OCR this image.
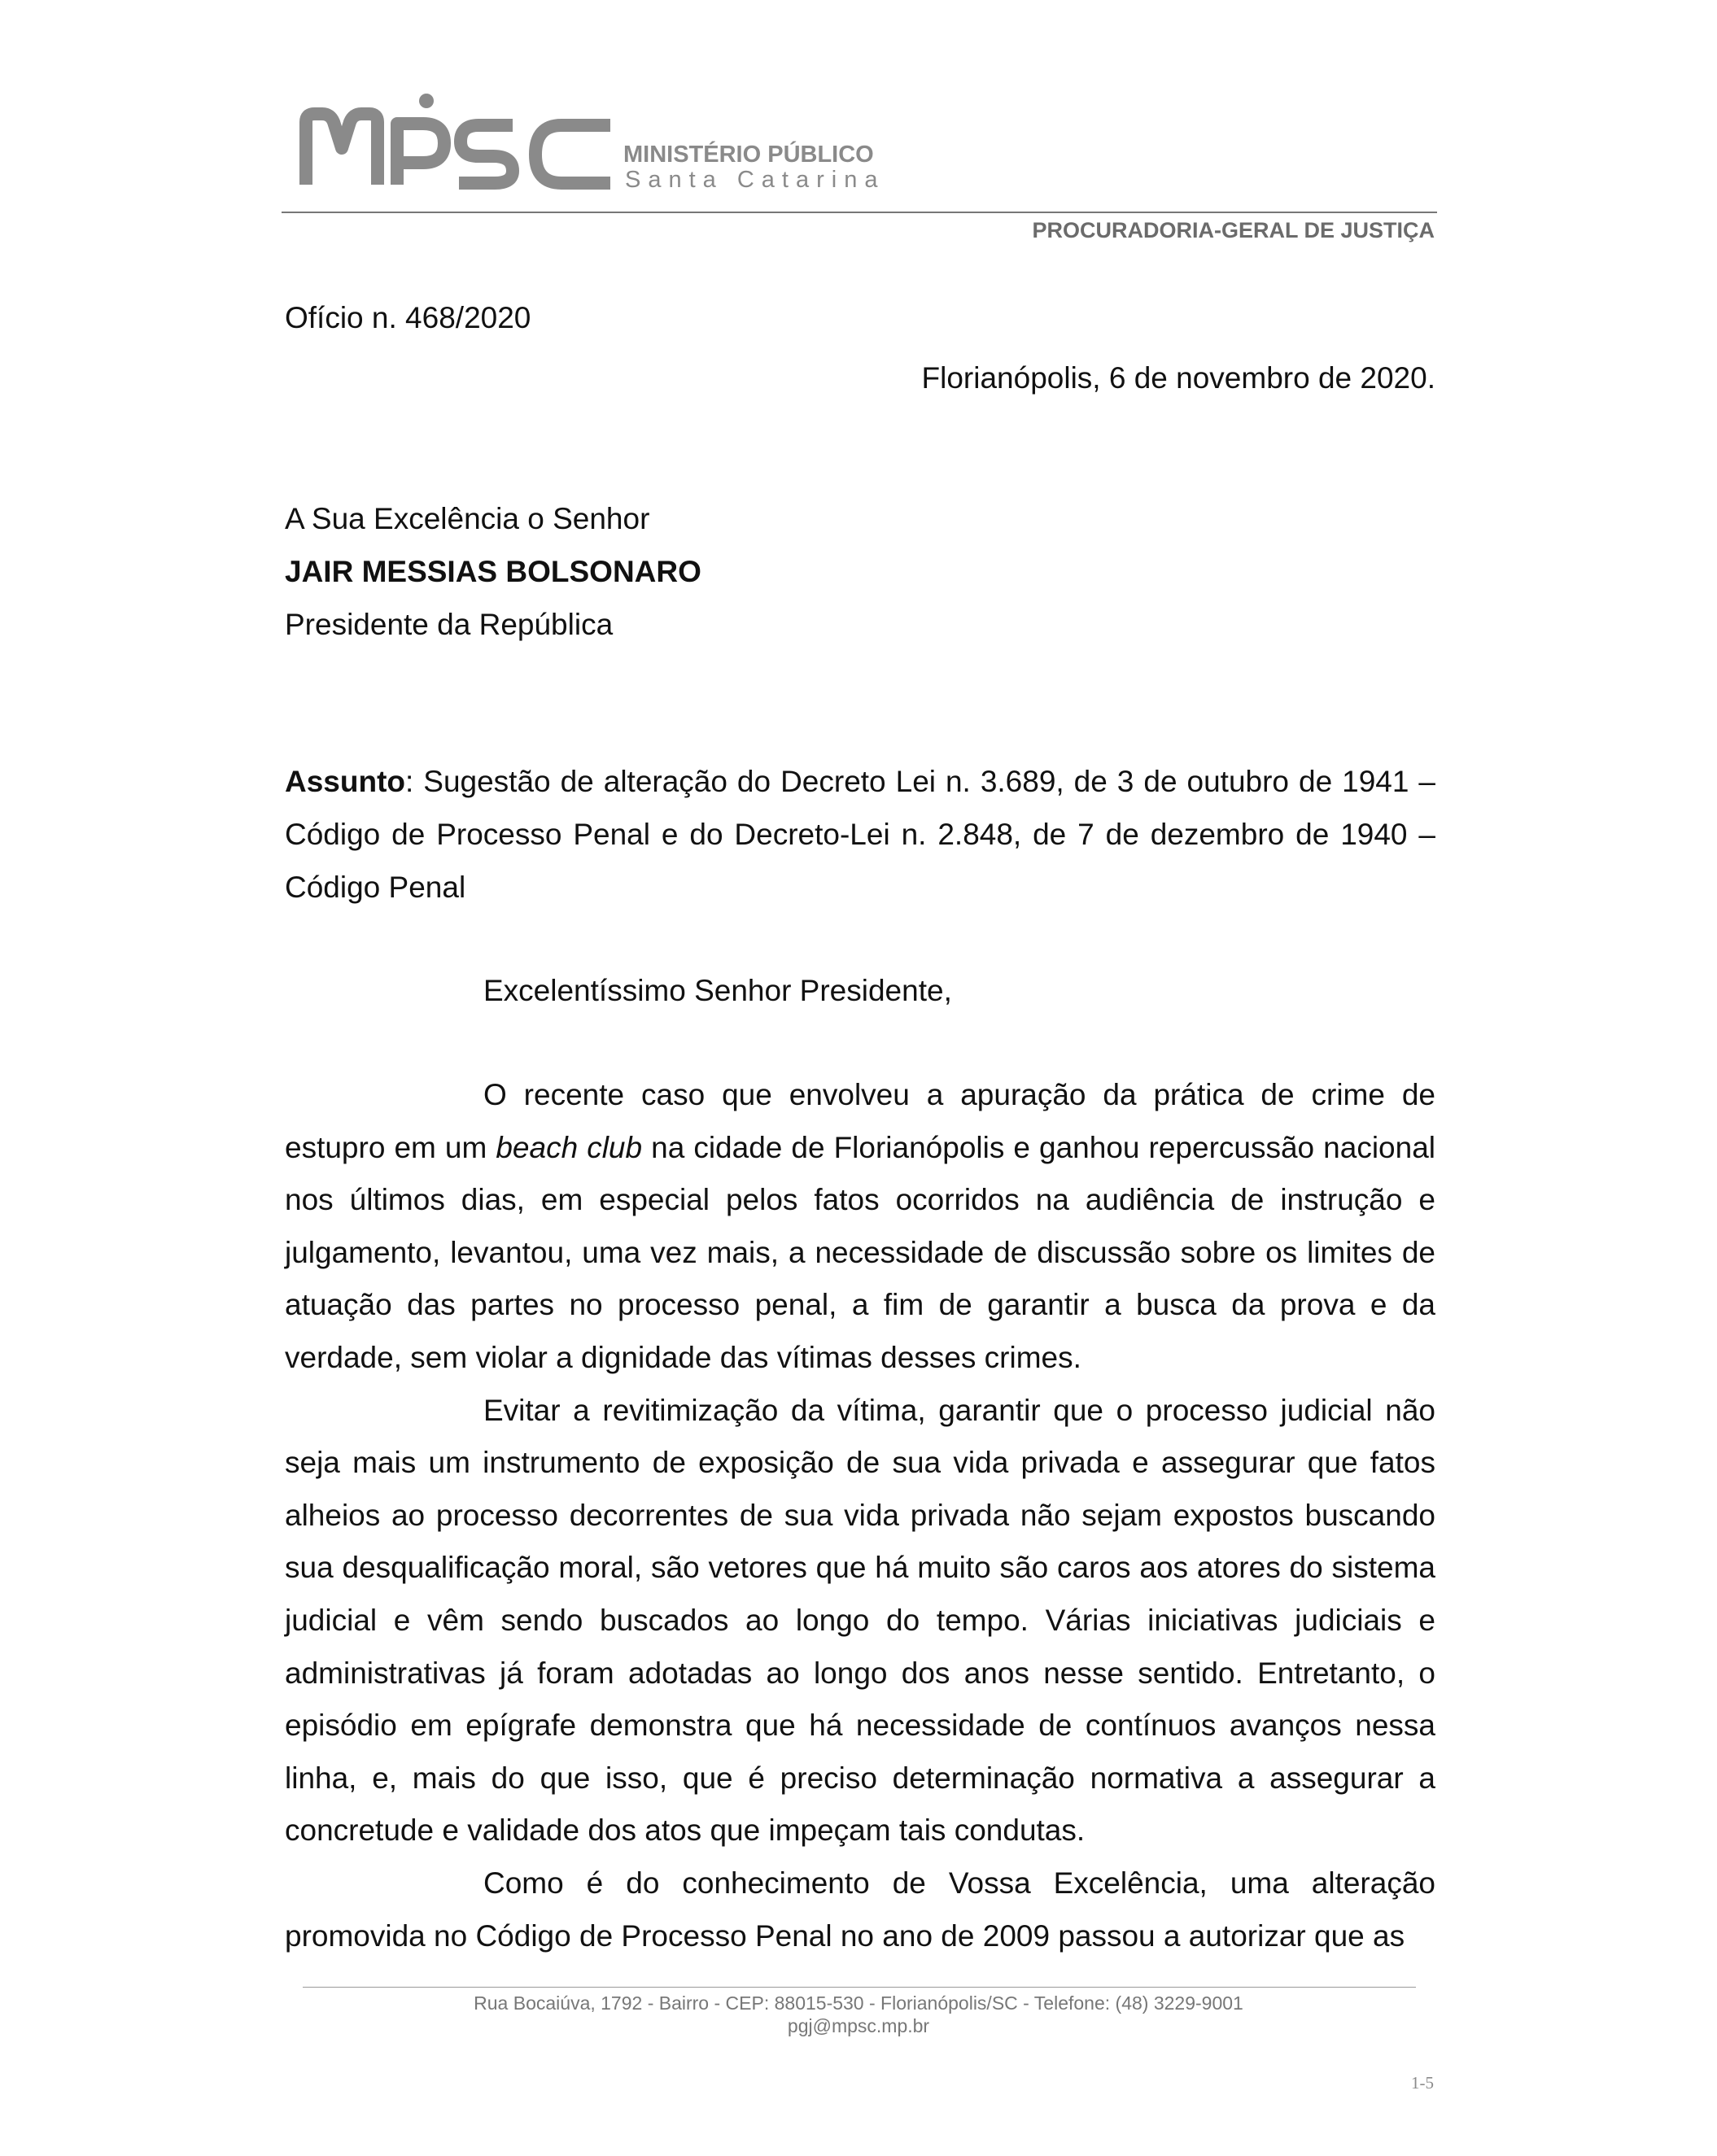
MINISTÉRIO PÚBLICO
Santa Catarina
PROCURADORIA-GERAL DE JUSTIÇA
Ofício n. 468/2020
Florianópolis, 6 de novembro de 2020.
A Sua Excelência o Senhor
JAIR MESSIAS BOLSONARO
Presidente da República
Assunto: Sugestão de alteração do Decreto Lei n. 3.689, de 3 de outubro de 1941 – Código de Processo Penal e do Decreto-Lei n. 2.848, de 7 de dezembro de 1940 – Código Penal
Excelentíssimo Senhor Presidente,

O recente caso que envolveu a apuração da prática de crime de estupro em um beach club na cidade de Florianópolis e ganhou repercussão nacional nos últimos dias, em especial pelos fatos ocorridos na audiência de instrução e julgamento, levantou, uma vez mais, a necessidade de discussão sobre os limites de atuação das partes no processo penal, a fim de garantir a busca da prova e da verdade, sem violar a dignidade das vítimas desses crimes.

Evitar a revitimização da vítima, garantir que o processo judicial não seja mais um instrumento de exposição de sua vida privada e assegurar que fatos alheios ao processo decorrentes de sua vida privada não sejam expostos buscando sua desqualificação moral, são vetores que há muito são caros aos atores do sistema judicial e vêm sendo buscados ao longo do tempo. Várias iniciativas judiciais e administrativas já foram adotadas ao longo dos anos nesse sentido. Entretanto, o episódio em epígrafe demonstra que há necessidade de contínuos avanços nessa linha, e, mais do que isso, que é preciso determinação normativa a assegurar a concretude e validade dos atos que impeçam tais condutas.

Como é do conhecimento de Vossa Excelência, uma alteração promovida no Código de Processo Penal no ano de 2009 passou a autorizar que as

Rua Bocaiúva, 1792 - Bairro - CEP: 88015-530 - Florianópolis/SC - Telefone: (48) 3229-9001
pgj@mpsc.mp.br
1-5
